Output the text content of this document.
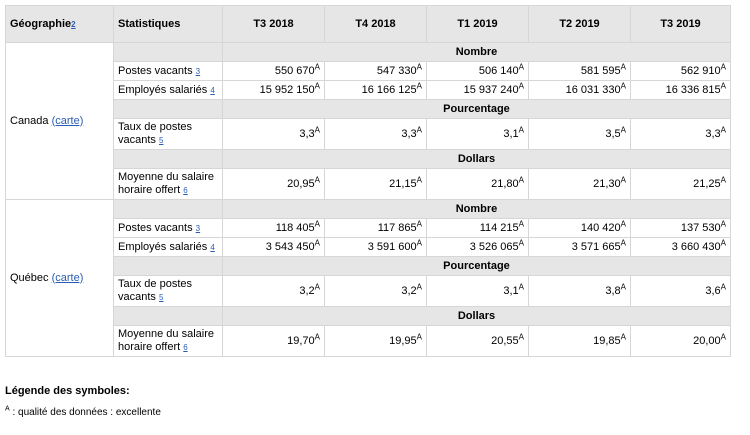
Géographie2	Statistiques	T3 2018	T4 2018	T1 2019	T2 2019	T3 2019
Canada (carte)		Nombre				
	Postes vacants 3	550 $670^A$	547 $330^A$	506 $140^A$	581 $595^A$	562 $910^A$
	Employés salariés 4	15 952 $150^A$	16 166 $125^A$	15 937 $240^A$	16 031 $330^A$	16 336 $815^A$
		Pourcentage				
	Taux de postes vacants 5	$3,3^A$	$3,3^A$	$3,1^A$	$3,5^A$	$3,3^A$
		Dollars				
	Moyenne du salaire horaire offert 6	$20,95^A$	$21,15^A$	$21,80^A$	$21,30^A$	$21,25^A$
Québec (carte)		Nombre				
	Postes vacants 3	118 $405^A$	117 $865^A$	114 $215^A$	140 $420^A$	137 $530^A$
	Employés salariés 4	3 543 $450^A$	3 591 $600^A$	3 526 $065^A$	3 571 $665^A$	3 660 $430^A$
		Pourcentage				
	Taux de postes vacants 5	$3,2^A$	$3,2^A$	$3,1^A$	$3,8^A$	$3,6^A$
		Dollars				
	Moyenne du salaire horaire offert 6	$19,70^A$	$19,95^A$	$20,55^A$	$19,85^A$	$20,00^A$
Légende des symboles:
$^A$ : qualité des données : excellente
